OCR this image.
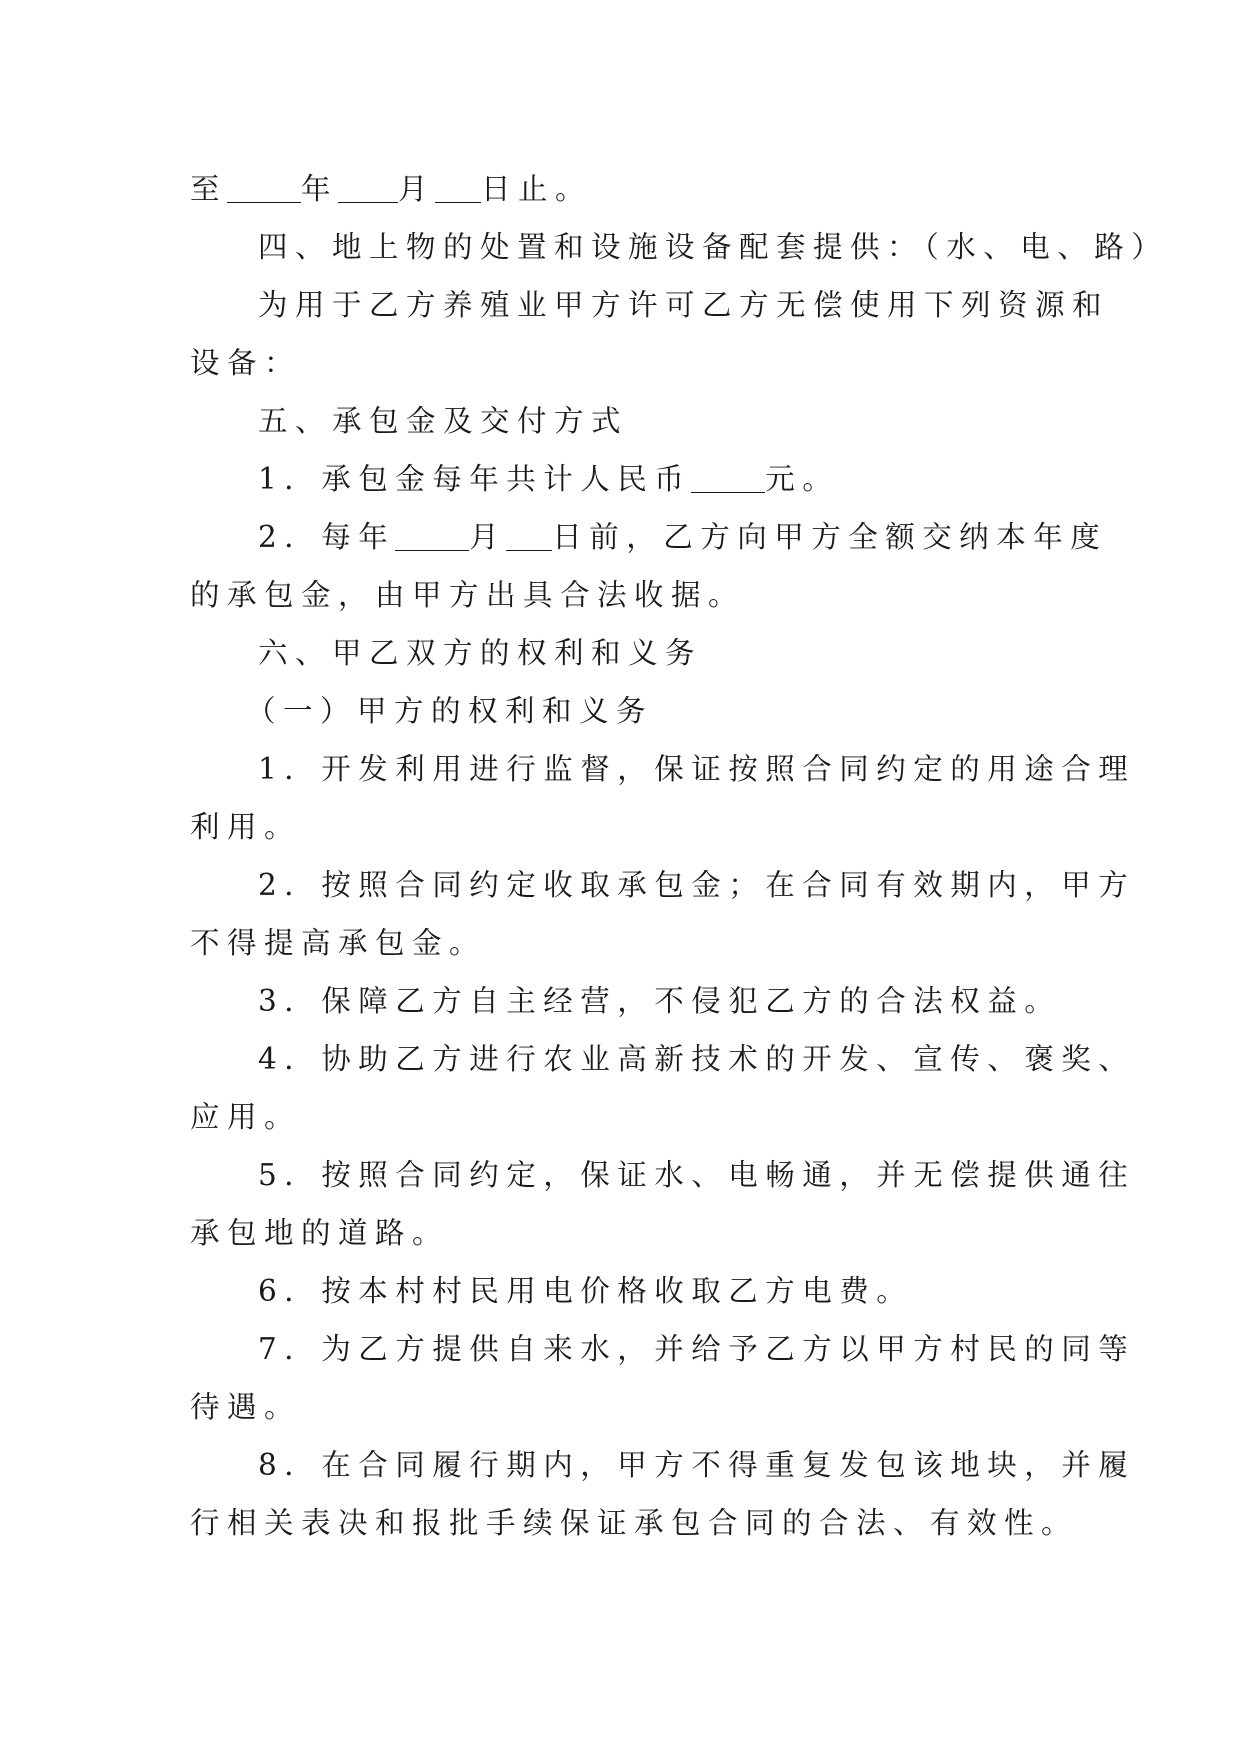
至	年 月 日止。
四、地上物的处置和设施设备配套提供：（水、电、路）
为用于乙方养殖业甲方许可乙方无偿使用下列资源和
设备：
五、承包金及交付方式
1．承包金每年共计人民币	元。
2．每年	月 日前，乙方向甲方全额交纳本年度
的承包金，由甲方出具合法收据。
六、甲乙双方的权利和义务
（一）甲方的权利和义务
1．开发利用进行监督，保证按照合同约定的用途合理
利用。
2．按照合同约定收取承包金；在合同有效期内，甲方
不得提高承包金。
3．保障乙方自主经营，不侵犯乙方的合法权益。
4．协助乙方进行农业高新技术的开发、宣传、褒奖、
应用。
5．按照合同约定，保证水、电畅通，并无偿提供通往
承包地的道路。
6．按本村村民用电价格收取乙方电费。
7．为乙方提供自来水，并给予乙方以甲方村民的同等
待遇。
8．在合同履行期内，甲方不得重复发包该地块，并履
行相关表决和报批手续保证承包合同的合法、有效性。
